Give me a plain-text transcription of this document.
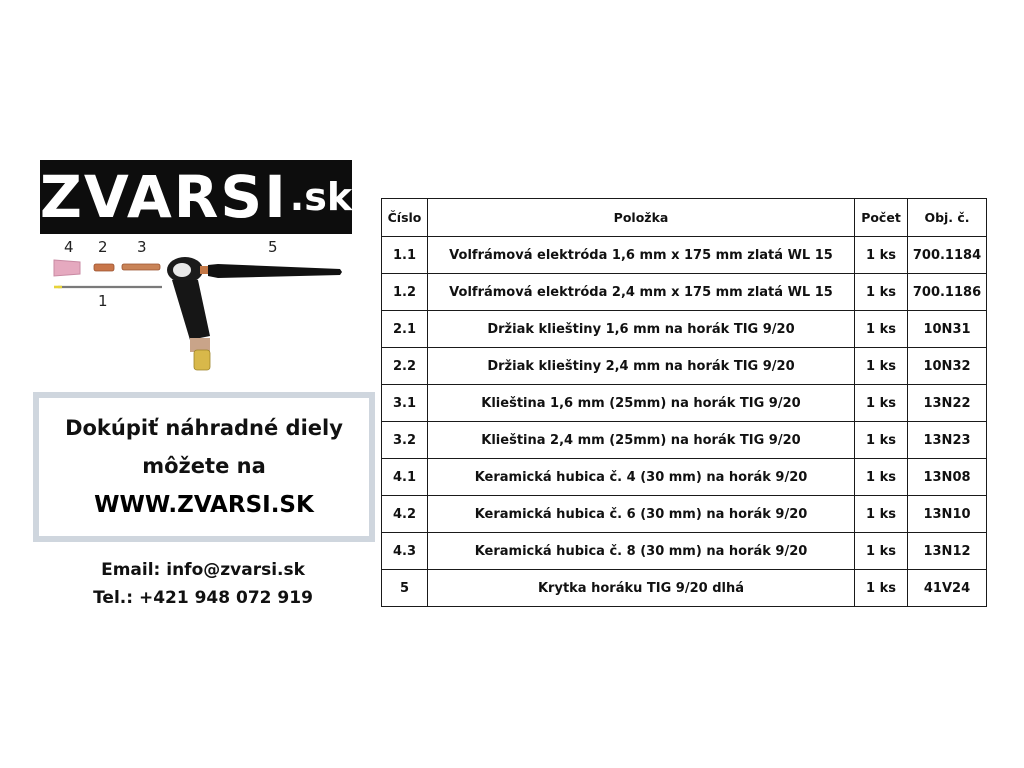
ZVARSI .sk
4 2 3	5
1
Dokúpiť náhradné diely
môžete na
WWW.ZVARSI.SK
Email: info@zvarsi.sk
Tel.: +421 948 072 919
Číslo	Položka	Počet	Obj. č.
1.1	Volfrámová elektróda 1,6 mm x 175 mm zlatá WL 15	1 ks	700.1184
1.2	Volfrámová elektróda 2,4 mm x 175 mm zlatá WL 15	1 ks	700.1186
2.1	Držiak klieštiny 1,6 mm na horák TIG 9/20	1 ks	10N31
2.2	Držiak klieštiny 2,4 mm na horák TIG 9/20	1 ks	10N32
3.1	Klieština 1,6 mm (25mm) na horák TIG 9/20	1 ks	13N22
3.2	Klieština 2,4 mm (25mm) na horák TIG 9/20	1 ks	13N23
4.1	Keramická hubica č. 4 (30 mm) na horák 9/20	1 ks	13N08
4.2	Keramická hubica č. 6 (30 mm) na horák 9/20	1 ks	13N10
4.3	Keramická hubica č. 8 (30 mm) na horák 9/20	1 ks	13N12
5	Krytka horáku TIG 9/20 dlhá	1 ks	41V24
